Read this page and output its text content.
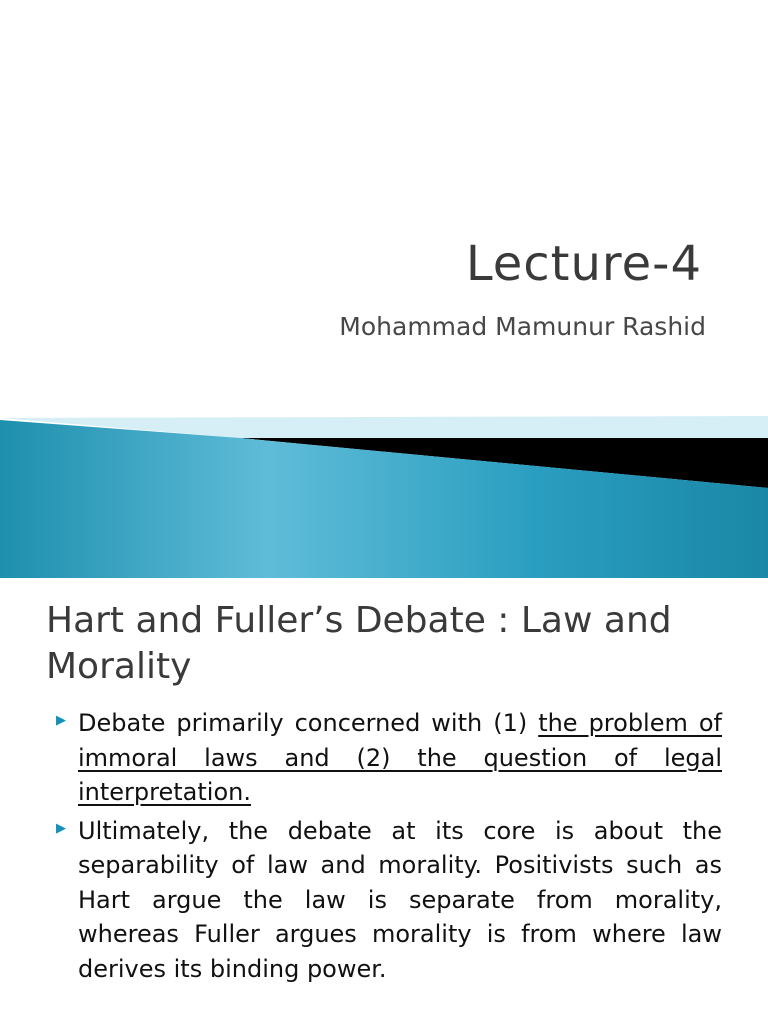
Lecture-4

Mohammad Mamunur Rashid

Hart and Fuller’s Debate : Law and Morality
▶ Debate primarily concerned with (1) the problem of immoral laws and (2) the question of legal interpretation.
▶ Ultimately, the debate at its core is about the separability of law and morality. Positivists such as Hart argue the law is separate from morality, whereas Fuller argues morality is from where law derives its binding power.
